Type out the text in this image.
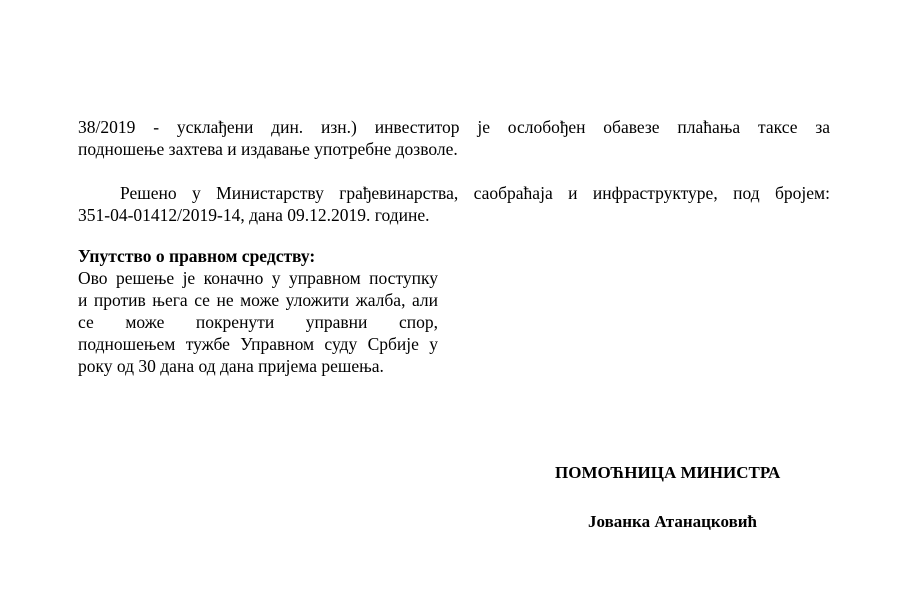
38/2019 - усклађени дин. изн.) инвеститор је ослобођен обавезе плаћања таксе за
подношење захтева и издавање употребне дозволе.
Решено у Министарству грађевинарства, саобраћаја и инфраструктуре, под бројем:
351-04-01412/2019-14, дана 09.12.2019. године.
Упутство о правном средству:
Ово решење је коначно у управном поступку
и против њега се не може уложити жалба, али
се може покренути управни спор,
подношењем тужбе Управном суду Србије у
року од 30 дана од дана пријема решења.

ПОМОЋНИЦА МИНИСТРА

Јованка Атанацковић
